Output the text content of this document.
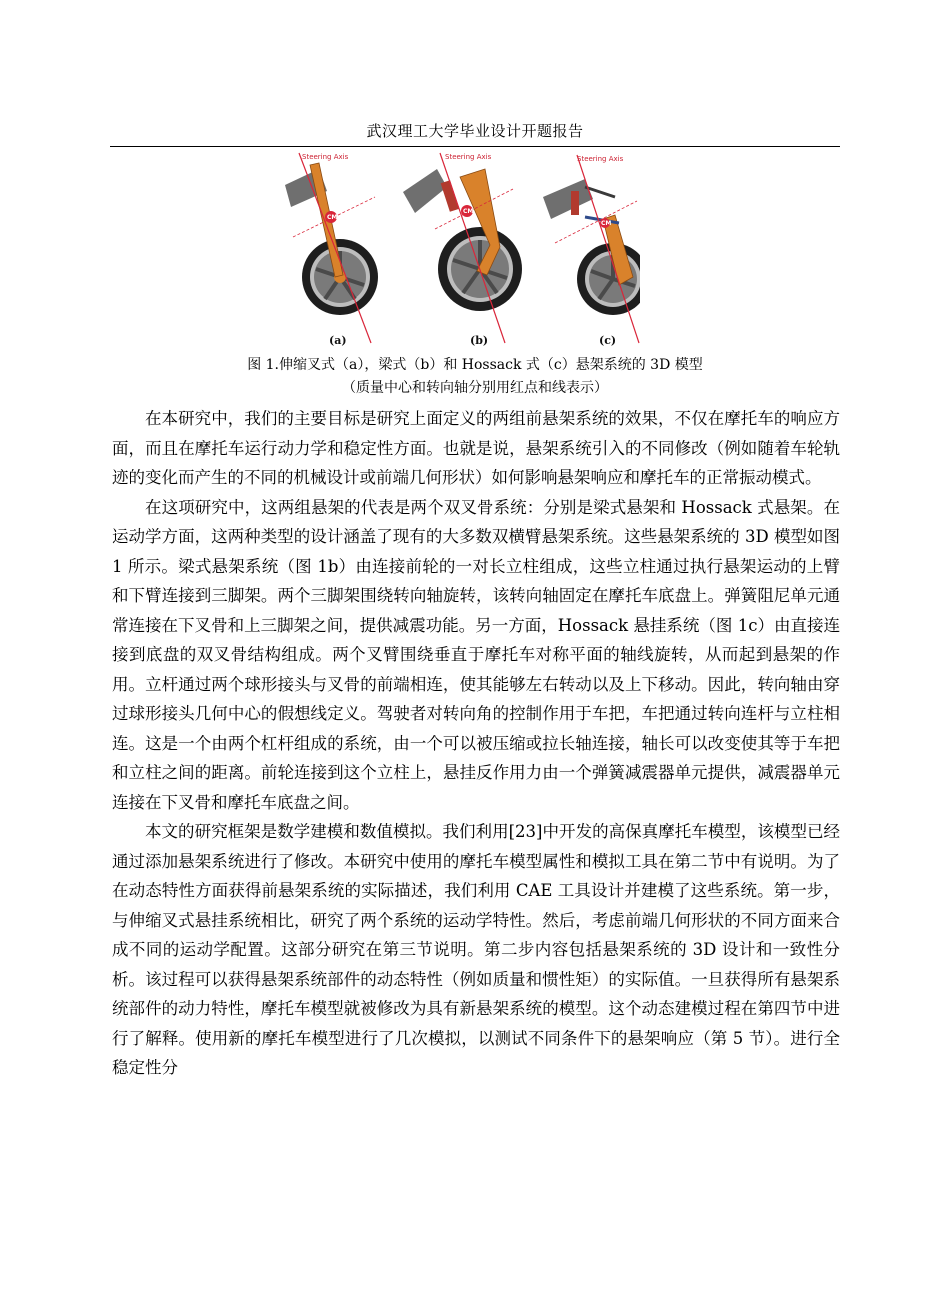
武汉理工大学毕业设计开题报告
CM
Steering Axis
(a)
CM
Steering Axis
(b)
CM
Steering Axis
(c)
图 1.伸缩叉式（a），梁式（b）和 Hossack 式（c）悬架系统的 3D 模型
（质量中心和转向轴分别用红点和线表示）

在本研究中，我们的主要目标是研究上面定义的两组前悬架系统的效果，不仅在摩托车的响应方面，而且在摩托车运行动力学和稳定性方面。也就是说，悬架系统引入的不同修改（例如随着车轮轨迹的变化而产生的不同的机械设计或前端几何形状）如何影响悬架响应和摩托车的正常振动模式。

在这项研究中，这两组悬架的代表是两个双叉骨系统：分别是梁式悬架和 Hossack 式悬架。在运动学方面，这两种类型的设计涵盖了现有的大多数双横臂悬架系统。这些悬架系统的 3D 模型如图 1 所示。梁式悬架系统（图 1b）由连接前轮的一对长立柱组成，这些立柱通过执行悬架运动的上臂和下臂连接到三脚架。两个三脚架围绕转向轴旋转，该转向轴固定在摩托车底盘上。弹簧阻尼单元通常连接在下叉骨和上三脚架之间，提供减震功能。另一方面，Hossack 悬挂系统（图 1c）由直接连接到底盘的双叉骨结构组成。两个叉臂围绕垂直于摩托车对称平面的轴线旋转，从而起到悬架的作用。立杆通过两个球形接头与叉骨的前端相连，使其能够左右转动以及上下移动。因此，转向轴由穿过球形接头几何中心的假想线定义。驾驶者对转向角的控制作用于车把，车把通过转向连杆与立柱相连。这是一个由两个杠杆组成的系统，由一个可以被压缩或拉长轴连接，轴长可以改变使其等于车把和立柱之间的距离。前轮连接到这个立柱上，悬挂反作用力由一个弹簧减震器单元提供，减震器单元连接在下叉骨和摩托车底盘之间。

本文的研究框架是数学建模和数值模拟。我们利用[23]中开发的高保真摩托车模型，该模型已经通过添加悬架系统进行了修改。本研究中使用的摩托车模型属性和模拟工具在第二节中有说明。为了在动态特性方面获得前悬架系统的实际描述，我们利用 CAE 工具设计并建模了这些系统。第一步，与伸缩叉式悬挂系统相比，研究了两个系统的运动学特性。然后，考虑前端几何形状的不同方面来合成不同的运动学配置。这部分研究在第三节说明。第二步内容包括悬架系统的 3D 设计和一致性分析。该过程可以获得悬架系统部件的动态特性（例如质量和惯性矩）的实际值。一旦获得所有悬架系统部件的动力特性，摩托车模型就被修改为具有新悬架系统的模型。这个动态建模过程在第四节中进行了解释。使用新的摩托车模型进行了几次模拟，以测试不同条件下的悬架响应（第 5 节）。进行全稳定性分
